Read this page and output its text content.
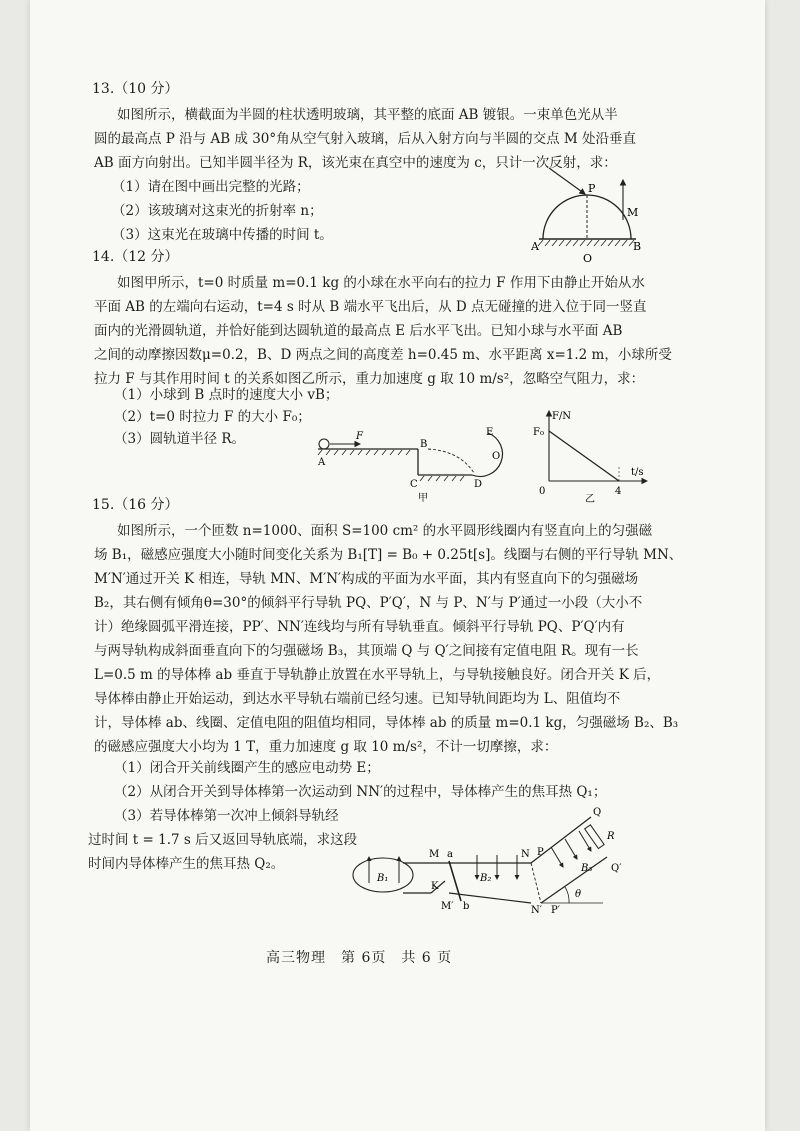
13.（10 分）
如图所示，横截面为半圆的柱状透明玻璃，其平整的底面 AB 镀银。一束单色光从半
圆的最高点 P 沿与 AB 成 30°角从空气射入玻璃，后从入射方向与半圆的交点 M 处沿垂直
AB 面方向射出。已知半圆半径为 R，该光束在真空中的速度为 c，只计一次反射，求：
（1）请在图中画出完整的光路；
（2）该玻璃对这束光的折射率 n；
（3）这束光在玻璃中传播的时间 t。
P
M
A	B
O
14.（12 分）
如图甲所示，t=0 时质量 m=0.1 kg 的小球在水平向右的拉力 F 作用下由静止开始从水
平面 AB 的左端向右运动，t=4 s 时从 B 端水平飞出后，从 D 点无碰撞的进入位于同一竖直
面内的光滑圆轨道，并恰好能到达圆轨道的最高点 E 后水平飞出。已知小球与水平面 AB
之间的动摩擦因数μ=0.2，B、D 两点之间的高度差 h=0.45 m、水平距离 x=1.2 m，小球所受
拉力 F 与其作用时间 t 的关系如图乙所示，重力加速度 g 取 10 m/s²，忽略空气阻力，求：
（1）小球到 B 点时的速度大小 vB；
（2）t=0 时拉力 F 的大小 F₀；
（3）圆轨道半径 R。	F
B
A
C	D
E
O
甲
F/N
F₀
0
t/s
4
乙
15.（16 分）
如图所示，一个匝数 n=1000、面积 S=100 cm² 的水平圆形线圈内有竖直向上的匀强磁
场 B₁，磁感应强度大小随时间变化关系为 B₁[T] = B₀ + 0.25t[s]。线圈与右侧的平行导轨 MN、
M′N′通过开关 K 相连，导轨 MN、M′N′构成的平面为水平面，其内有竖直向下的匀强磁场
B₂，其右侧有倾角θ=30°的倾斜平行导轨 PQ、P′Q′，N 与 P、N′与 P′通过一小段（大小不
计）绝缘圆弧平滑连接，PP′、NN′连线均与所有导轨垂直。倾斜平行导轨 PQ、P′Q′内有
与两导轨构成斜面垂直向下的匀强磁场 B₃，其顶端 Q 与 Q′之间接有定值电阻 R。现有一长
L=0.5 m 的导体棒 ab 垂直于导轨静止放置在水平导轨上，与导轨接触良好。闭合开关 K 后，
导体棒由静止开始运动，到达水平导轨右端前已经匀速。已知导轨间距均为 L、阻值均不
计，导体棒 ab、线圈、定值电阻的阻值均相同，导体棒 ab 的质量 m=0.1 kg，匀强磁场 B₂、B₃
的磁感应强度大小均为 1 T，重力加速度 g 取 10 m/s²，不计一切摩擦，求：
（1）闭合开关前线圈产生的感应电动势 E；
（2）从闭合开关到导体棒第一次运动到 NN′的过程中，导体棒产生的焦耳热 Q₁；
（3）若导体棒第一次冲上倾斜导轨经
过时间 t = 1.7 s 后又返回导轨底端，求这段
时间内导体棒产生的焦耳热 Q₂。
B₁	B₂
M a	N P
B₃
Q
R
Q′
K
M′ b	N′ P′
θ
高三物理　第 6页　共 6 页
